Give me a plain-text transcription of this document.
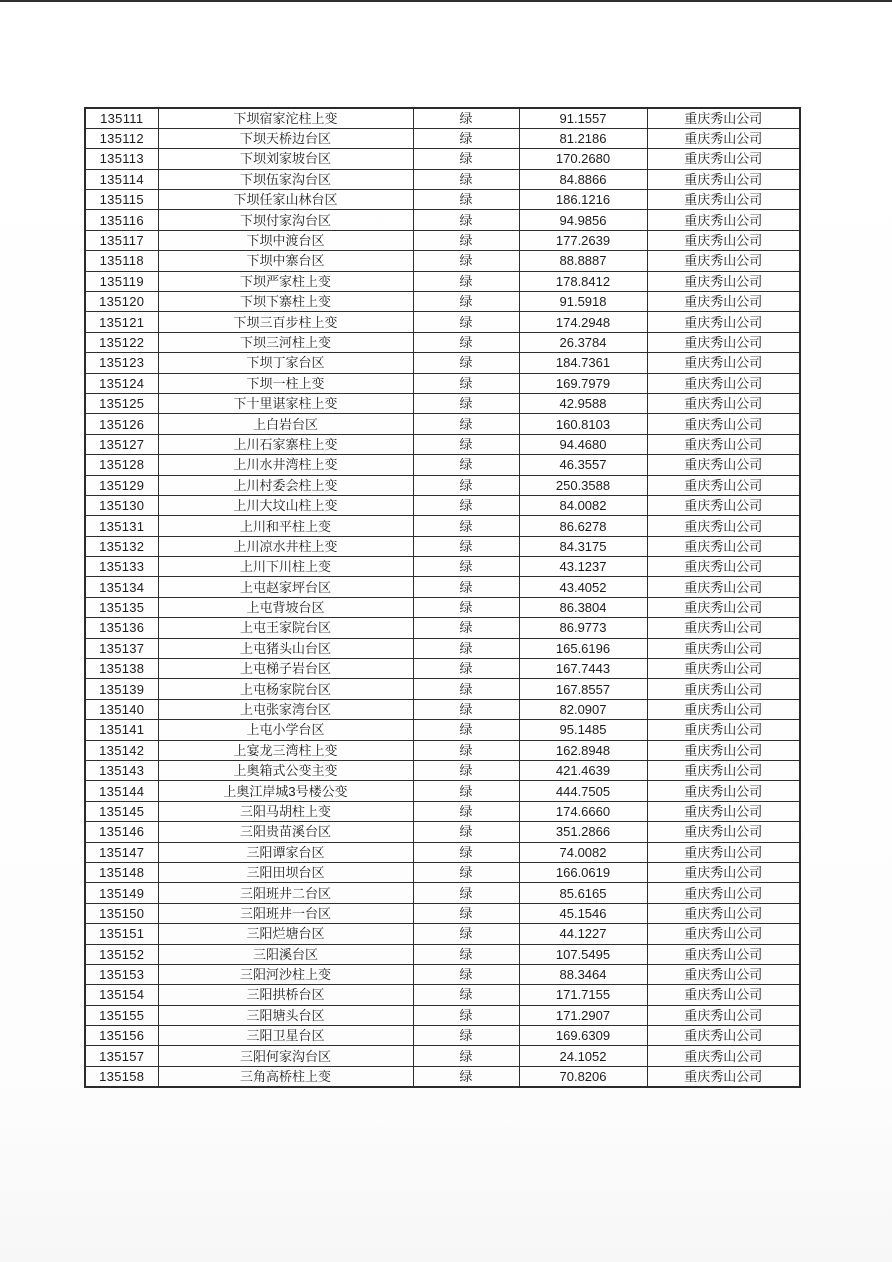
135111	下坝宿家沱柱上变	绿	91.1557	重庆秀山公司
135112	下坝天桥边台区	绿	81.2186	重庆秀山公司
135113	下坝刘家坡台区	绿	170.2680	重庆秀山公司
135114	下坝伍家沟台区	绿	84.8866	重庆秀山公司
135115	下坝任家山林台区	绿	186.1216	重庆秀山公司
135116	下坝付家沟台区	绿	94.9856	重庆秀山公司
135117	下坝中渡台区	绿	177.2639	重庆秀山公司
135118	下坝中寨台区	绿	88.8887	重庆秀山公司
135119	下坝严家柱上变	绿	178.8412	重庆秀山公司
135120	下坝下寨柱上变	绿	91.5918	重庆秀山公司
135121	下坝三百步柱上变	绿	174.2948	重庆秀山公司
135122	下坝三河柱上变	绿	26.3784	重庆秀山公司
135123	下坝丁家台区	绿	184.7361	重庆秀山公司
135124	下坝一柱上变	绿	169.7979	重庆秀山公司
135125	下十里谌家柱上变	绿	42.9588	重庆秀山公司
135126	上白岩台区	绿	160.8103	重庆秀山公司
135127	上川石家寨柱上变	绿	94.4680	重庆秀山公司
135128	上川水井湾柱上变	绿	46.3557	重庆秀山公司
135129	上川村委会柱上变	绿	250.3588	重庆秀山公司
135130	上川大坟山柱上变	绿	84.0082	重庆秀山公司
135131	上川和平柱上变	绿	86.6278	重庆秀山公司
135132	上川凉水井柱上变	绿	84.3175	重庆秀山公司
135133	上川下川柱上变	绿	43.1237	重庆秀山公司
135134	上屯赵家坪台区	绿	43.4052	重庆秀山公司
135135	上屯背坡台区	绿	86.3804	重庆秀山公司
135136	上屯王家院台区	绿	86.9773	重庆秀山公司
135137	上屯猪头山台区	绿	165.6196	重庆秀山公司
135138	上屯梯子岩台区	绿	167.7443	重庆秀山公司
135139	上屯杨家院台区	绿	167.8557	重庆秀山公司
135140	上屯张家湾台区	绿	82.0907	重庆秀山公司
135141	上屯小学台区	绿	95.1485	重庆秀山公司
135142	上宴龙三湾柱上变	绿	162.8948	重庆秀山公司
135143	上奥箱式公变主变	绿	421.4639	重庆秀山公司
135144	上奥江岸城3号楼公变	绿	444.7505	重庆秀山公司
135145	三阳马胡柱上变	绿	174.6660	重庆秀山公司
135146	三阳贵苗溪台区	绿	351.2866	重庆秀山公司
135147	三阳谭家台区	绿	74.0082	重庆秀山公司
135148	三阳田坝台区	绿	166.0619	重庆秀山公司
135149	三阳班井二台区	绿	85.6165	重庆秀山公司
135150	三阳班井一台区	绿	45.1546	重庆秀山公司
135151	三阳烂塘台区	绿	44.1227	重庆秀山公司
135152	三阳溪台区	绿	107.5495	重庆秀山公司
135153	三阳河沙柱上变	绿	88.3464	重庆秀山公司
135154	三阳拱桥台区	绿	171.7155	重庆秀山公司
135155	三阳塘头台区	绿	171.2907	重庆秀山公司
135156	三阳卫星台区	绿	169.6309	重庆秀山公司
135157	三阳何家沟台区	绿	24.1052	重庆秀山公司
135158	三角高桥柱上变	绿	70.8206	重庆秀山公司
